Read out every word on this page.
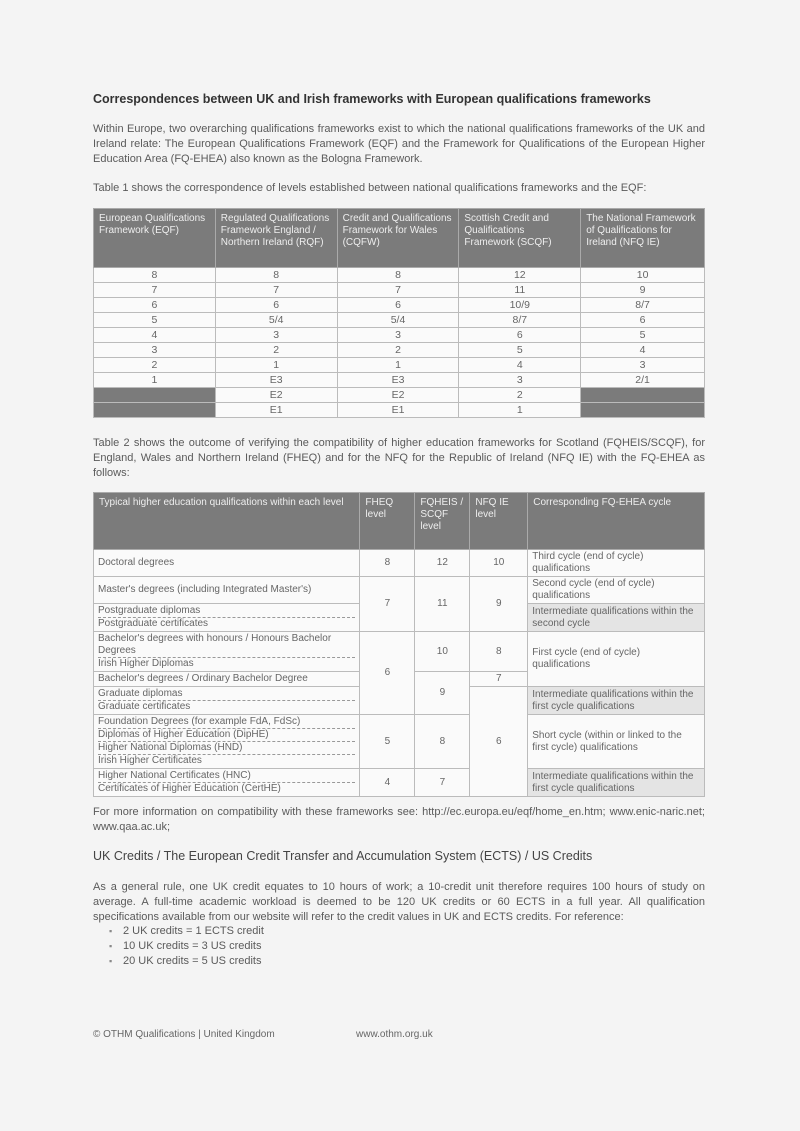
Correspondences between UK and Irish frameworks with European qualifications frameworks

Within Europe, two overarching qualifications frameworks exist to which the national qualifications frameworks of the UK and Ireland relate: The European Qualifications Framework (EQF) and the Framework for Qualifications of the European Higher Education Area (FQ-EHEA) also known as the Bologna Framework.

Table 1 shows the correspondence of levels established between national qualifications frameworks and the EQF:

European Qualifications Framework (EQF)	Regulated Qualifications Framework England / Northern Ireland (RQF)	Credit and Qualifications Framework for Wales (CQFW)	Scottish Credit and Qualifications Framework (SCQF)	The National Framework of Qualifications for Ireland (NFQ IE)
8	8	8	12	10
7	7	7	11	9
6	6	6	10/9	8/7
5	5/4	5/4	8/7	6
4	3	3	6	5
3	2	2	5	4
2	1	1	4	3
1	E3	E3	3	2/1
	E2	E2	2	
	E1	E1	1	

Table 2 shows the outcome of verifying the compatibility of higher education frameworks for Scotland (FQHEIS/SCQF), for England, Wales and Northern Ireland (FHEQ) and for the NFQ for the Republic of Ireland (NFQ IE) with the FQ-EHEA as follows:

Typical higher education qualifications within each level	FHEQ level	FQHEIS / SCQF level	NFQ IE level	Corresponding FQ-EHEA cycle
Doctoral degrees	8	12	10	Third cycle (end of cycle) qualifications
Master's degrees (including Integrated Master's)	7	11	9	Second cycle (end of cycle) qualifications

Postgraduate diplomas
Postgraduate certificates				Intermediate qualifications within the second cycle

Bachelor's degrees with honours / Honours Bachelor Degrees
Irish Higher Diplomas	6	10	8	First cycle (end of cycle) qualifications
Bachelor's degrees / Ordinary Bachelor Degree		9	7	

Graduate diplomas
Graduate certificates			6	Intermediate qualifications within the first cycle qualifications

Foundation Degrees (for example FdA, FdSc)
Diplomas of Higher Education (DipHE)
Higher National Diplomas (HND)
Irish Higher Certificates	5	8		Short cycle (within or linked to the first cycle) qualifications

Higher National Certificates (HNC)
Certificates of Higher Education (CertHE)	4	7		Intermediate qualifications within the first cycle qualifications

For more information on compatibility with these frameworks see: http://ec.europa.eu/eqf/home_en.htm; www.enic-naric.net; www.qaa.ac.uk;

UK Credits / The European Credit Transfer and Accumulation System (ECTS) / US Credits

As a general rule, one UK credit equates to 10 hours of work; a 10-credit unit therefore requires 100 hours of study on average. A full-time academic workload is deemed to be 120 UK credits or 60 ECTS in a full year. All qualification specifications available from our website will refer to the credit values in UK and ECTS credits. For reference:

▪ 2 UK credits = 1 ECTS credit
▪ 10 UK credits = 3 US credits
▪ 20 UK credits = 5 US credits
© OTHM Qualifications | United Kingdom	www.othm.org.uk
